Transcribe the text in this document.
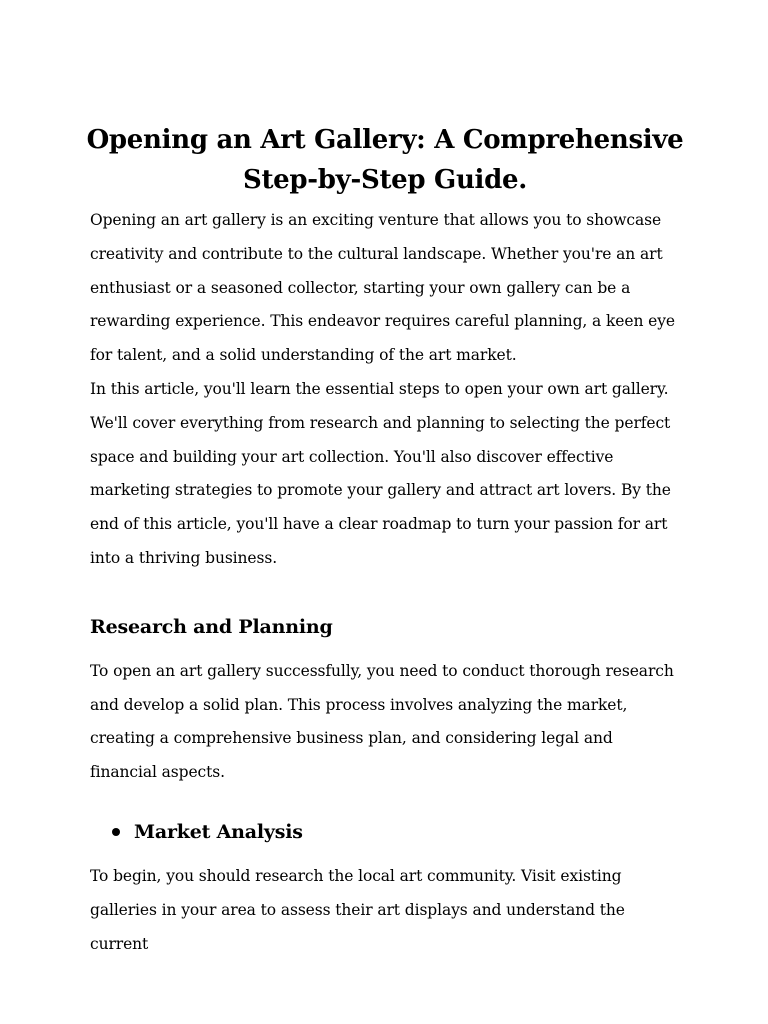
Opening an Art Gallery: A Comprehensive Step-by-Step Guide.

Opening an art gallery is an exciting venture that allows you to showcase creativity and contribute to the cultural landscape. Whether you're an art enthusiast or a seasoned collector, starting your own gallery can be a rewarding experience. This endeavor requires careful planning, a keen eye for talent, and a solid understanding of the art market.

In this article, you'll learn the essential steps to open your own art gallery. We'll cover everything from research and planning to selecting the perfect space and building your art collection. You'll also discover effective marketing strategies to promote your gallery and attract art lovers. By the end of this article, you'll have a clear roadmap to turn your passion for art into a thriving business.

Research and Planning

To open an art gallery successfully, you need to conduct thorough research and develop a solid plan. This process involves analyzing the market, creating a comprehensive business plan, and considering legal and financial aspects.

Market Analysis

To begin, you should research the local art community. Visit existing galleries in your area to assess their art displays and understand the current
